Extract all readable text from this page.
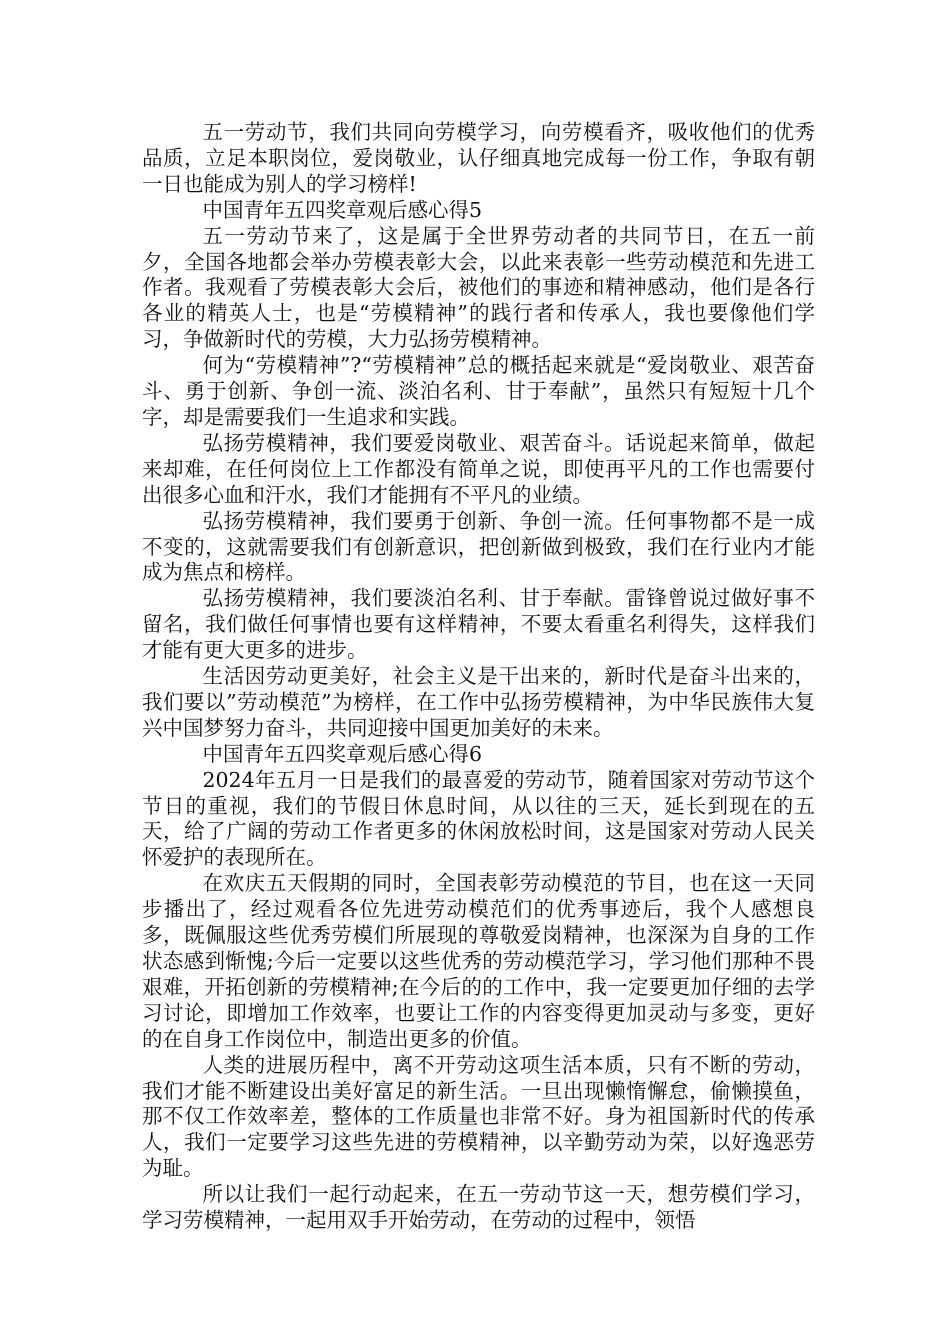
五一劳动节，我们共同向劳模学习，向劳模看齐，吸收他们的优秀品质，立足本职岗位，爱岗敬业，认仔细真地完成每一份工作，争取有朝一日也能成为别人的学习榜样!

中国青年五四奖章观后感心得5

五一劳动节来了，这是属于全世界劳动者的共同节日，在五一前夕，全国各地都会举办劳模表彰大会，以此来表彰一些劳动模范和先进工作者。我观看了劳模表彰大会后，被他们的事迹和精神感动，他们是各行各业的精英人士，也是“劳模精神”的践行者和传承人，我也要像他们学习，争做新时代的劳模，大力弘扬劳模精神。

何为“劳模精神”?“劳模精神”总的概括起来就是“爱岗敬业、艰苦奋斗、勇于创新、争创一流、淡泊名利、甘于奉献”，虽然只有短短十几个字，却是需要我们一生追求和实践。

弘扬劳模精神，我们要爱岗敬业、艰苦奋斗。话说起来简单，做起来却难，在任何岗位上工作都没有简单之说，即使再平凡的工作也需要付出很多心血和汗水，我们才能拥有不平凡的业绩。

弘扬劳模精神，我们要勇于创新、争创一流。任何事物都不是一成不变的，这就需要我们有创新意识，把创新做到极致，我们在行业内才能成为焦点和榜样。

弘扬劳模精神，我们要淡泊名利、甘于奉献。雷锋曾说过做好事不留名，我们做任何事情也要有这样精神，不要太看重名利得失，这样我们才能有更大更多的进步。

生活因劳动更美好，社会主义是干出来的，新时代是奋斗出来的，我们要以”劳动模范”为榜样，在工作中弘扬劳模精神，为中华民族伟大复兴中国梦努力奋斗，共同迎接中国更加美好的未来。

中国青年五四奖章观后感心得6

2024年五月一日是我们的最喜爱的劳动节，随着国家对劳动节这个节日的重视，我们的节假日休息时间，从以往的三天，延长到现在的五天，给了广阔的劳动工作者更多的休闲放松时间，这是国家对劳动人民关怀爱护的表现所在。

在欢庆五天假期的同时，全国表彰劳动模范的节目，也在这一天同步播出了，经过观看各位先进劳动模范们的优秀事迹后，我个人感想良多，既佩服这些优秀劳模们所展现的尊敬爱岗精神，也深深为自身的工作状态感到惭愧;今后一定要以这些优秀的劳动模范学习，学习他们那种不畏艰难，开拓创新的劳模精神;在今后的的工作中，我一定要更加仔细的去学习讨论，即增加工作效率，也要让工作的内容变得更加灵动与多变，更好的在自身工作岗位中，制造出更多的价值。

人类的进展历程中，离不开劳动这项生活本质，只有不断的劳动，我们才能不断建设出美好富足的新生活。一旦出现懒惰懈怠，偷懒摸鱼，那不仅工作效率差，整体的工作质量也非常不好。身为祖国新时代的传承人，我们一定要学习这些先进的劳模精神，以辛勤劳动为荣，以好逸恶劳为耻。

所以让我们一起行动起来，在五一劳动节这一天，想劳模们学习，学习劳模精神，一起用双手开始劳动，在劳动的过程中，领悟
